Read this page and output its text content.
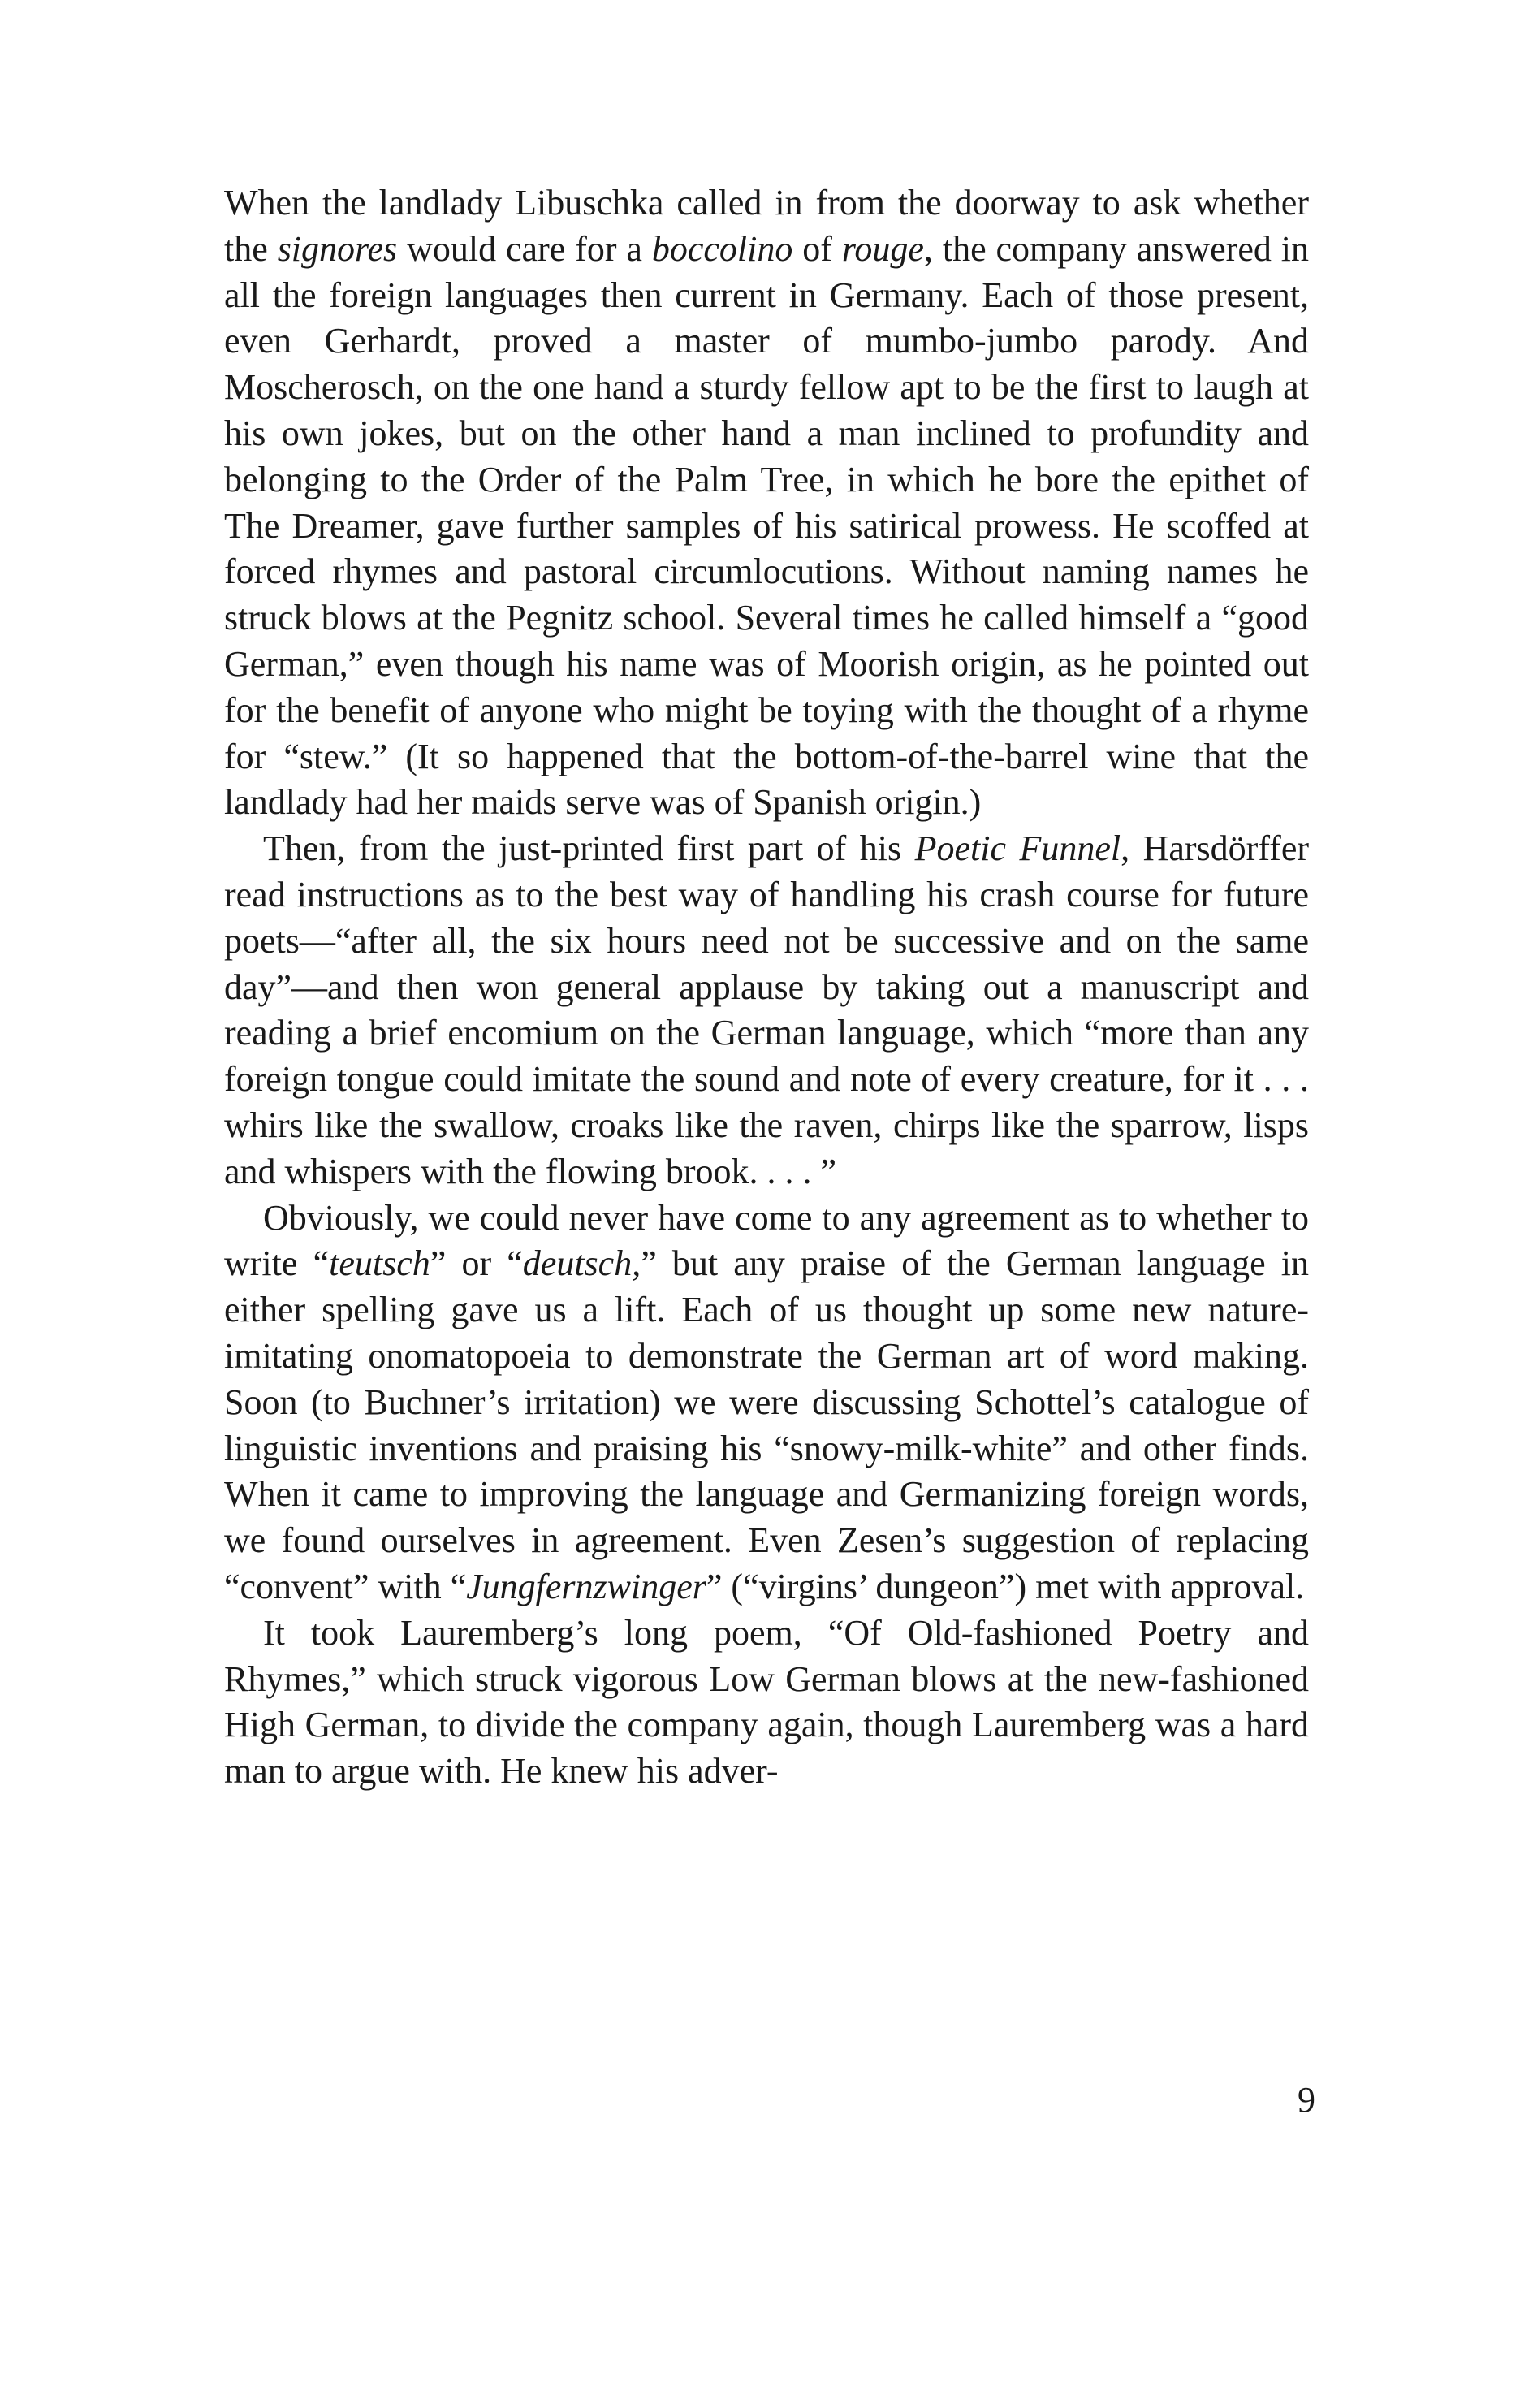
When the landlady Libuschka called in from the doorway to ask whether the signores would care for a boccolino of rouge, the company answered in all the foreign languages then current in Germany. Each of those present, even Gerhardt, proved a master of mumbo-jumbo parody. And Moscherosch, on the one hand a sturdy fellow apt to be the first to laugh at his own jokes, but on the other hand a man inclined to profundity and belonging to the Order of the Palm Tree, in which he bore the epithet of The Dreamer, gave further samples of his satirical prowess. He scoffed at forced rhymes and pastoral circumlocutions. Without naming names he struck blows at the Pegnitz school. Several times he called himself a “good German,” even though his name was of Moorish origin, as he pointed out for the benefit of anyone who might be toying with the thought of a rhyme for “stew.” (It so happened that the bottom-of-the-barrel wine that the landlady had her maids serve was of Spanish origin.)

Then, from the just-printed first part of his Poetic Funnel, Harsdörffer read instructions as to the best way of handling his crash course for future poets—“after all, the six hours need not be successive and on the same day”—and then won general applause by taking out a manuscript and reading a brief encomium on the German language, which “more than any foreign tongue could imitate the sound and note of every creature, for it . . . whirs like the swallow, croaks like the raven, chirps like the sparrow, lisps and whispers with the flowing brook. . . . ”

Obviously, we could never have come to any agreement as to whether to write “teutsch” or “deutsch,” but any praise of the German language in either spelling gave us a lift. Each of us thought up some new nature-imitating onomatopoeia to demonstrate the German art of word making. Soon (to Buchner’s irritation) we were discussing Schottel’s catalogue of linguistic inventions and praising his “snowy-milk-white” and other finds. When it came to improving the language and Germanizing foreign words, we found ourselves in agreement. Even Zesen’s suggestion of replacing “convent” with “Jungfernzwinger” (“virgins’ dungeon”) met with approval.

It took Lauremberg’s long poem, “Of Old-fashioned Poetry and Rhymes,” which struck vigorous Low German blows at the new-fashioned High German, to divide the company again, though Lauremberg was a hard man to argue with. He knew his adver-

9
